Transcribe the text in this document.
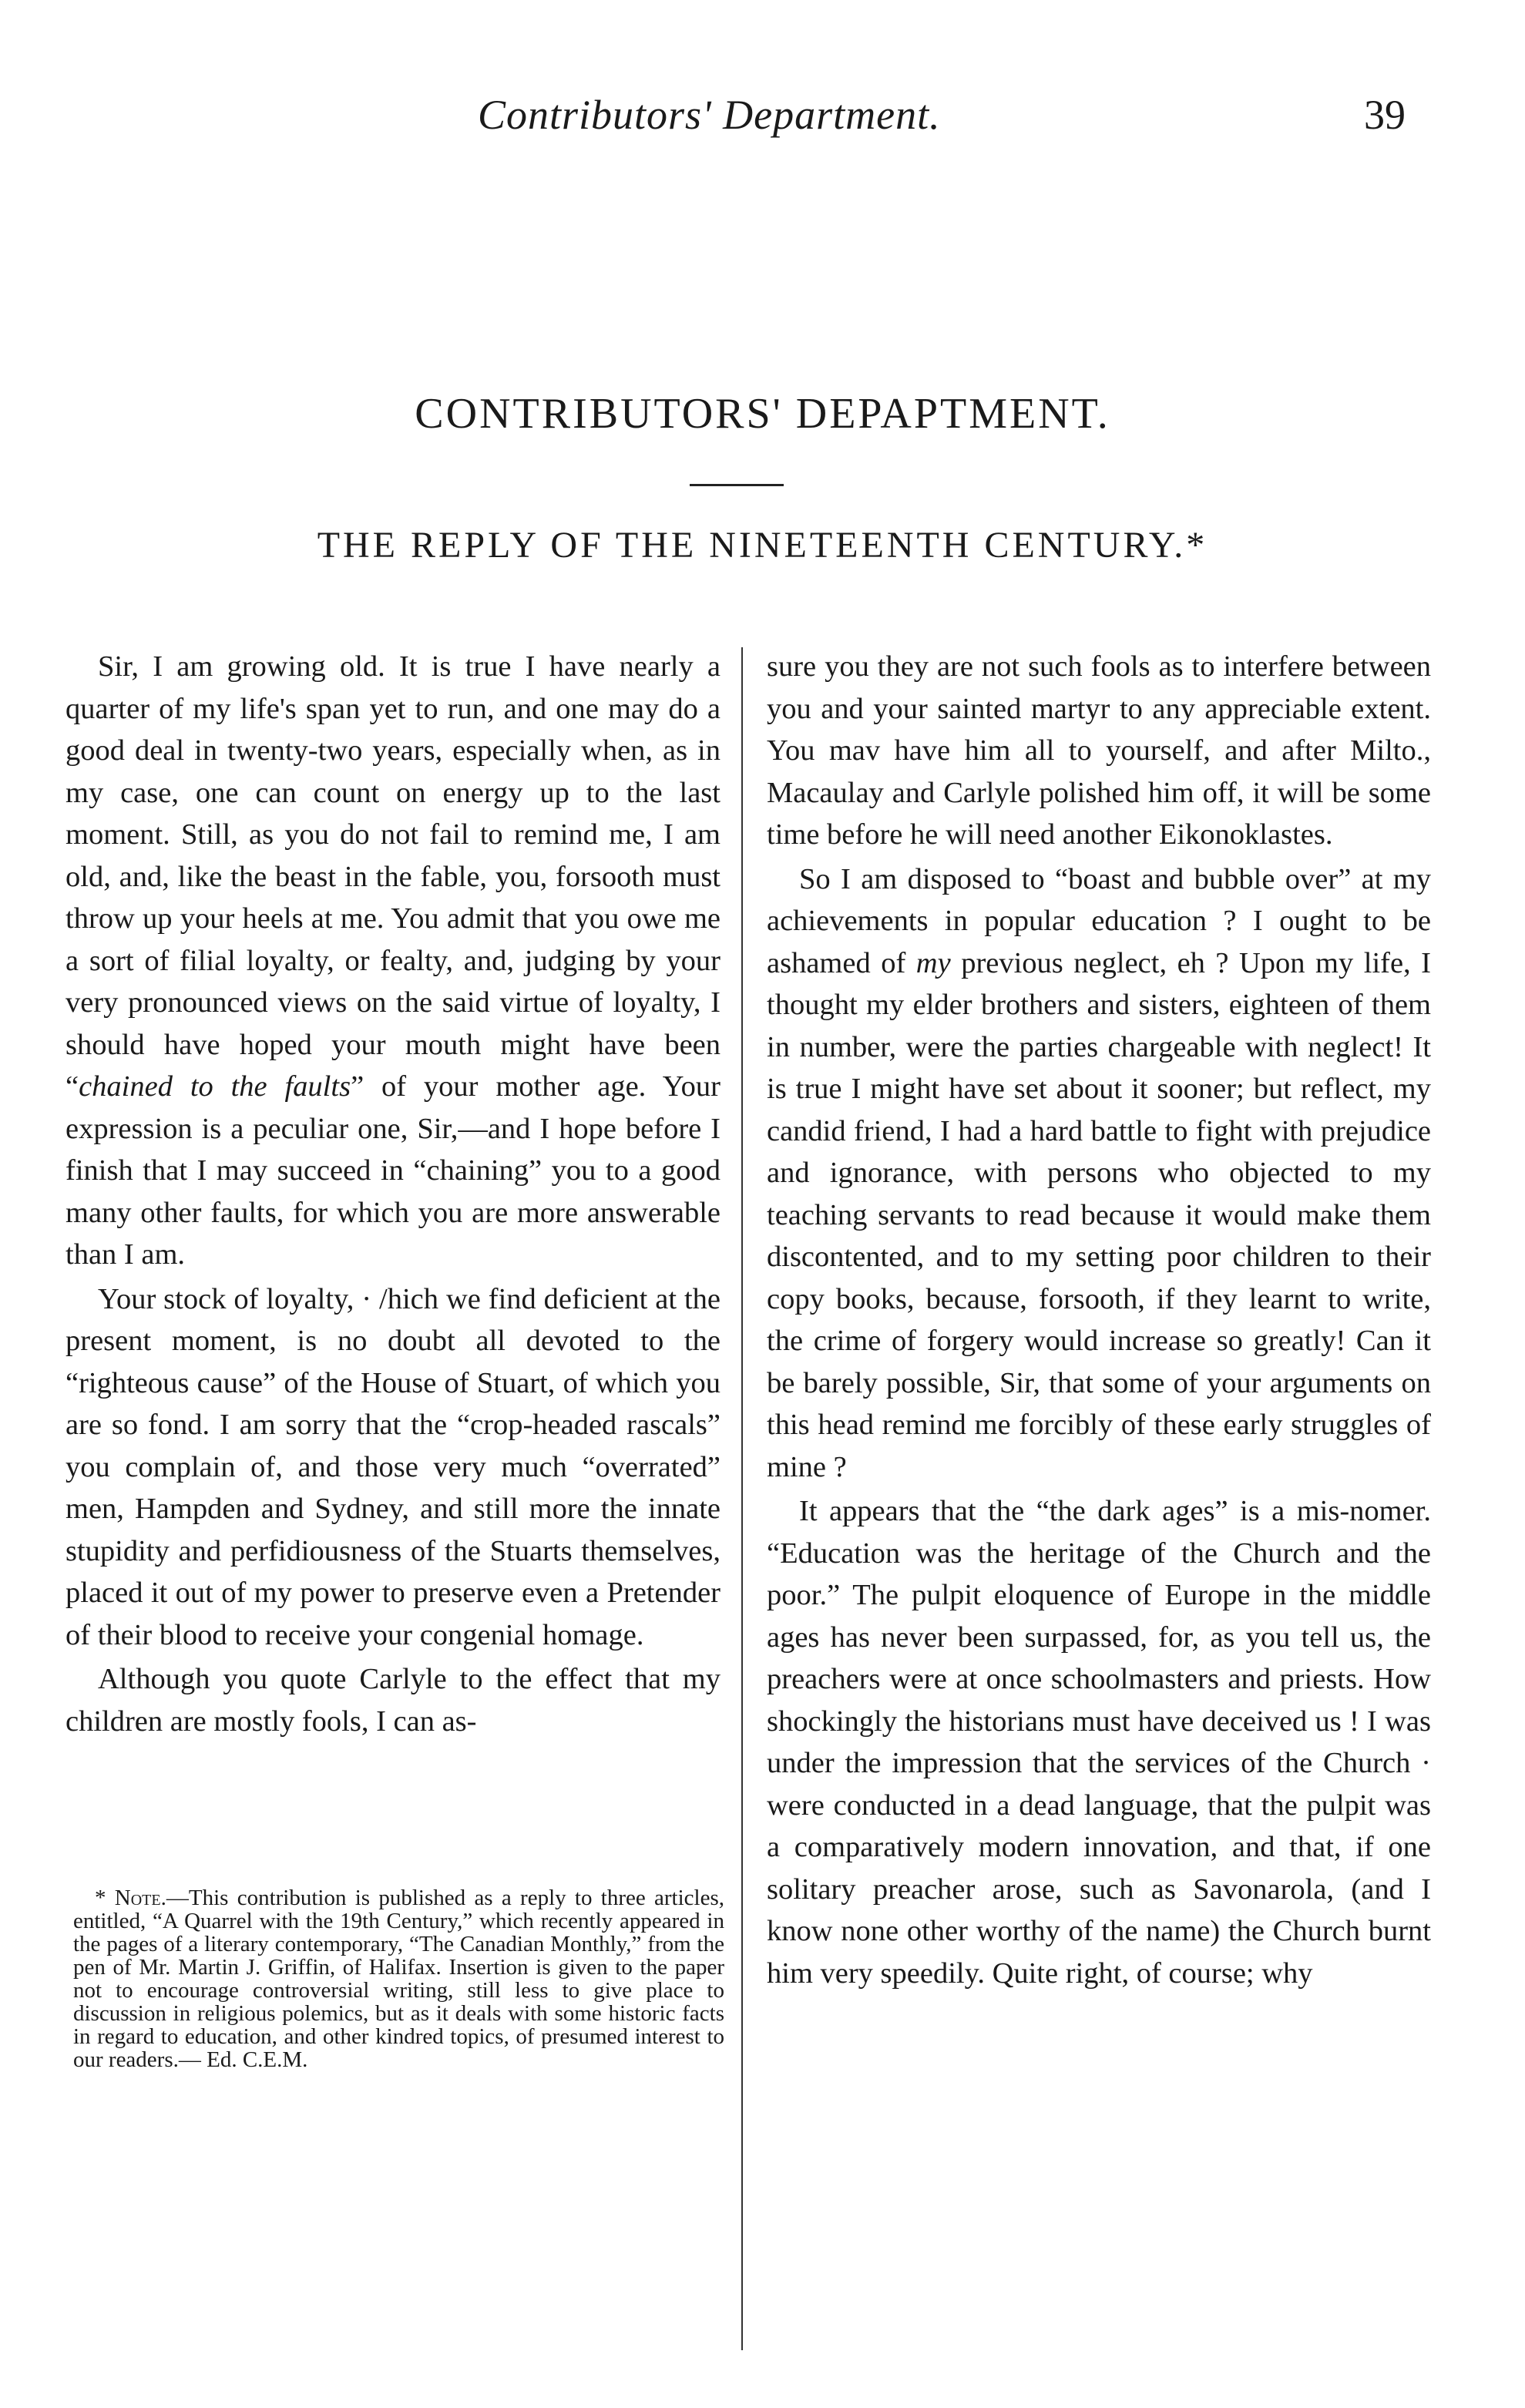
Contributors' Department.	39
CONTRIBUTORS' DEPAPTMENT.
THE REPLY OF THE NINETEENTH CENTURY.*

Sir, I am growing old. It is true I have nearly a quarter of my life's span yet to run, and one may do a good deal in twenty-two years, especially when, as in my case, one can count on energy up to the last moment. Still, as you do not fail to remind me, I am old, and, like the beast in the fable, you, forsooth must throw up your heels at me. You admit that you owe me a sort of filial loyalty, or fealty, and, judging by your very pronounced views on the said virtue of loyalty, I should have hoped your mouth might have been “chained to the faults” of your mother age. Your expression is a peculiar one, Sir,—and I hope before I finish that I may succeed in “chaining” you to a good many other faults, for which you are more answerable than I am.

Your stock of loyalty, · /hich we find deficient at the present moment, is no doubt all devoted to the “righteous cause” of the House of Stuart, of which you are so fond. I am sorry that the “crop-headed rascals” you complain of, and those very much “overrated” men, Hampden and Sydney, and still more the innate stupidity and perfidiousness of the Stuarts themselves, placed it out of my power to preserve even a Pretender of their blood to receive your congenial homage.

Although you quote Carlyle to the effect that my children are mostly fools, I can as-

sure you they are not such fools as to interfere between you and your sainted martyr to any appreciable extent. You mav have him all to yourself, and after Milto., Macaulay and Carlyle polished him off, it will be some time before he will need another Eikonoklastes.

So I am disposed to “boast and bubble over” at my achievements in popular education ? I ought to be ashamed of my previous neglect, eh ? Upon my life, I thought my elder brothers and sisters, eighteen of them in number, were the parties chargeable with neglect! It is true I might have set about it sooner; but reflect, my candid friend, I had a hard battle to fight with prejudice and ignorance, with persons who objected to my teaching servants to read because it would make them discontented, and to my setting poor children to their copy books, because, forsooth, if they learnt to write, the crime of forgery would increase so greatly! Can it be barely possible, Sir, that some of your arguments on this head remind me forcibly of these early struggles of mine ?

It appears that the “the dark ages” is a mis-nomer. “Education was the heritage of the Church and the poor.” The pulpit eloquence of Europe in the middle ages has never been surpassed, for, as you tell us, the preachers were at once schoolmasters and priests. How shockingly the historians must have deceived us ! I was under the impression that the services of the Church · were conducted in a dead language, that the pulpit was a comparatively modern innovation, and that, if one solitary preacher arose, such as Savonarola, (and I know none other worthy of the name) the Church burnt him very speedily. Quite right, of course; why

* Note.—This contribution is published as a reply to three articles, entitled, “A Quarrel with the 19th Century,” which recently appeared in the pages of a literary contemporary, “The Canadian Monthly,” from the pen of Mr. Martin J. Griffin, of Halifax. Insertion is given to the paper not to encourage controversial writing, still less to give place to discussion in religious polemics, but as it deals with some historic facts in regard to education, and other kindred topics, of presumed interest to our readers.— Ed. C.E.M.
